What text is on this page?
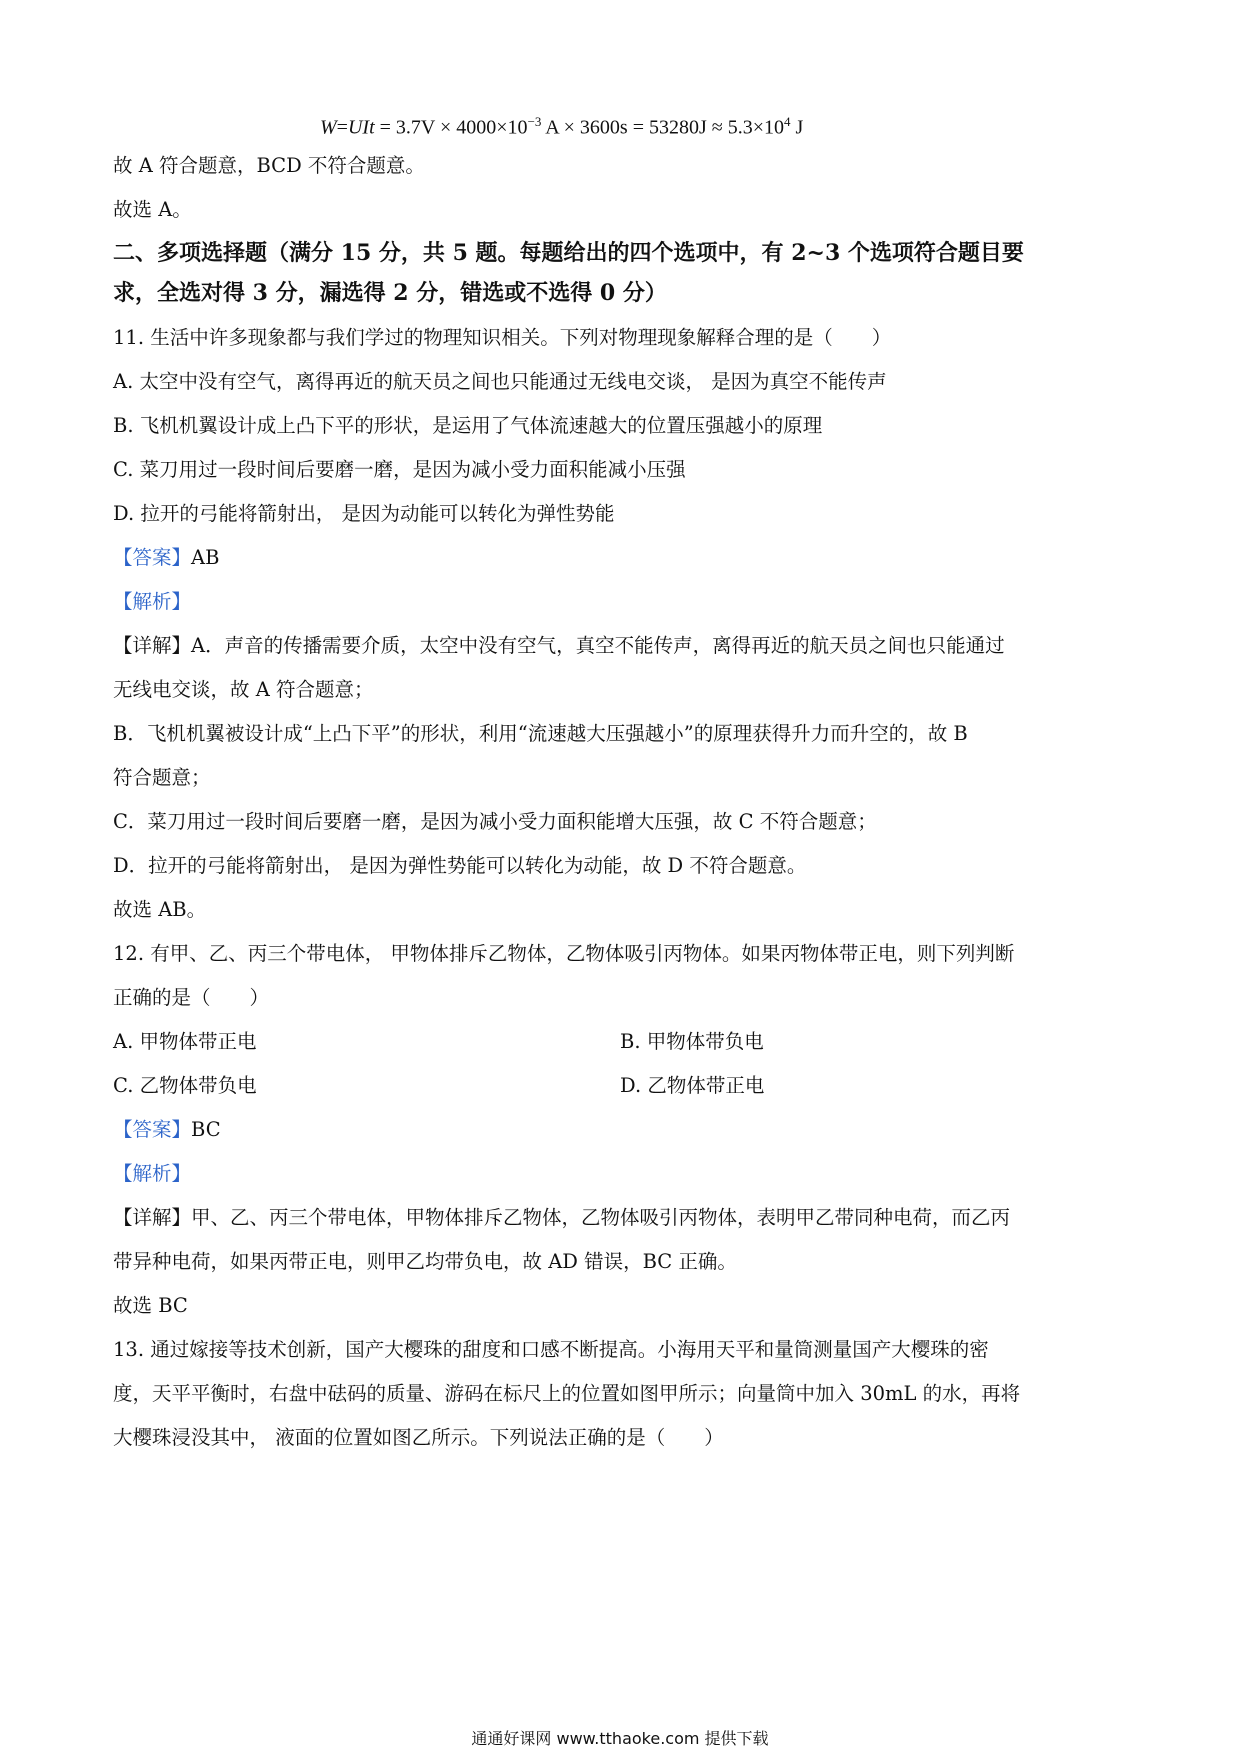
$W=UIt = 3.7V \times 4000\times 10^{-3}$ $A \times 3600s = 53280J \approx 5.3\times 10^4$ J
故 A 符合题意，BCD 不符合题意。
故选 A。
二、多项选择题（满分 15 分，共 5 题。每题给出的四个选项中，有 2~3 个选项符合题目要
求，全选对得 3 分，漏选得 2 分，错选或不选得 0 分）
11. 生活中许多现象都与我们学过的物理知识相关。下列对物理现象解释合理的是（　　）
A. 太空中没有空气，离得再近的航天员之间也只能通过无线电交谈， 是因为真空不能传声
B. 飞机机翼设计成上凸下平的形状，是运用了气体流速越大的位置压强越小的原理
C. 菜刀用过一段时间后要磨一磨，是因为减小受力面积能减小压强
D. 拉开的弓能将箭射出， 是因为动能可以转化为弹性势能
【答案】AB
【解析】
【详解】A．声音的传播需要介质，太空中没有空气，真空不能传声，离得再近的航天员之间也只能通过
无线电交谈，故 A 符合题意；
B．飞机机翼被设计成“上凸下平”的形状，利用“流速越大压强越小”的原理获得升力而升空的，故 B
符合题意；
C．菜刀用过一段时间后要磨一磨，是因为减小受力面积能增大压强，故 C 不符合题意；
D．拉开的弓能将箭射出， 是因为弹性势能可以转化为动能，故 D 不符合题意。
故选 AB。
12. 有甲、乙、丙三个带电体， 甲物体排斥乙物体，乙物体吸引丙物体。如果丙物体带正电，则下列判断
正确的是（　　）
A. 甲物体带正电	B. 甲物体带负电
C. 乙物体带负电	D. 乙物体带正电
【答案】BC
【解析】
【详解】甲、乙、丙三个带电体，甲物体排斥乙物体，乙物体吸引丙物体，表明甲乙带同种电荷，而乙丙
带异种电荷，如果丙带正电，则甲乙均带负电，故 AD 错误，BC 正确。
故选 BC
13. 通过嫁接等技术创新，国产大樱珠的甜度和口感不断提高。小海用天平和量筒测量国产大樱珠的密
度，天平平衡时，右盘中砝码的质量、游码在标尺上的位置如图甲所示；向量筒中加入 30mL 的水，再将
大樱珠浸没其中， 液面的位置如图乙所示。下列说法正确的是（　　）
通通好课网 www.tthaoke.com 提供下载
